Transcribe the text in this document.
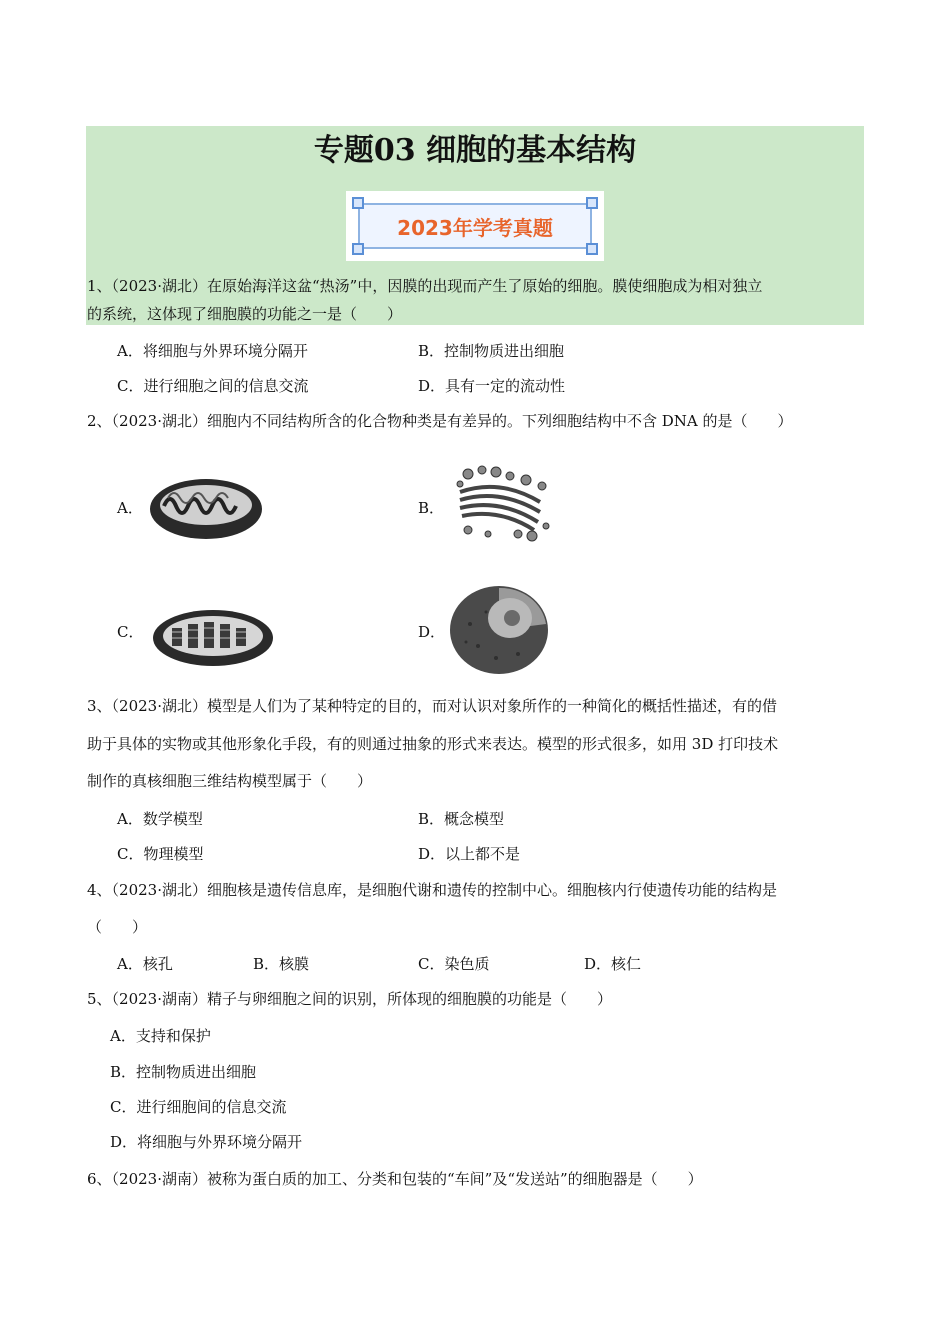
专题03 细胞的基本结构
2023年学考真题
1、（2023·湖北）在原始海洋这盆“热汤”中，因膜的出现而产生了原始的细胞。膜使细胞成为相对独立
的系统，这体现了细胞膜的功能之一是（　　）
A．将细胞与外界环境分隔开	B．控制物质进出细胞
C．进行细胞之间的信息交流	D．具有一定的流动性
2、（2023·湖北）细胞内不同结构所含的化合物种类是有差异的。下列细胞结构中不含 DNA 的是（　　）
A．	B．
C．	D．
3、（2023·湖北）模型是人们为了某种特定的目的，而对认识对象所作的一种简化的概括性描述，有的借
助于具体的实物或其他形象化手段，有的则通过抽象的形式来表达。模型的形式很多，如用 3D 打印技术
制作的真核细胞三维结构模型属于（　　）
A．数学模型	B．概念模型
C．物理模型	D．以上都不是
4、（2023·湖北）细胞核是遗传信息库，是细胞代谢和遗传的控制中心。细胞核内行使遗传功能的结构是
（　　）
A．核孔	B．核膜	C．染色质	D．核仁
5、（2023·湖南）精子与卵细胞之间的识别，所体现的细胞膜的功能是（　　）
A．支持和保护
B．控制物质进出细胞
C．进行细胞间的信息交流
D．将细胞与外界环境分隔开
6、（2023·湖南）被称为蛋白质的加工、分类和包装的“车间”及“发送站”的细胞器是（　　）
